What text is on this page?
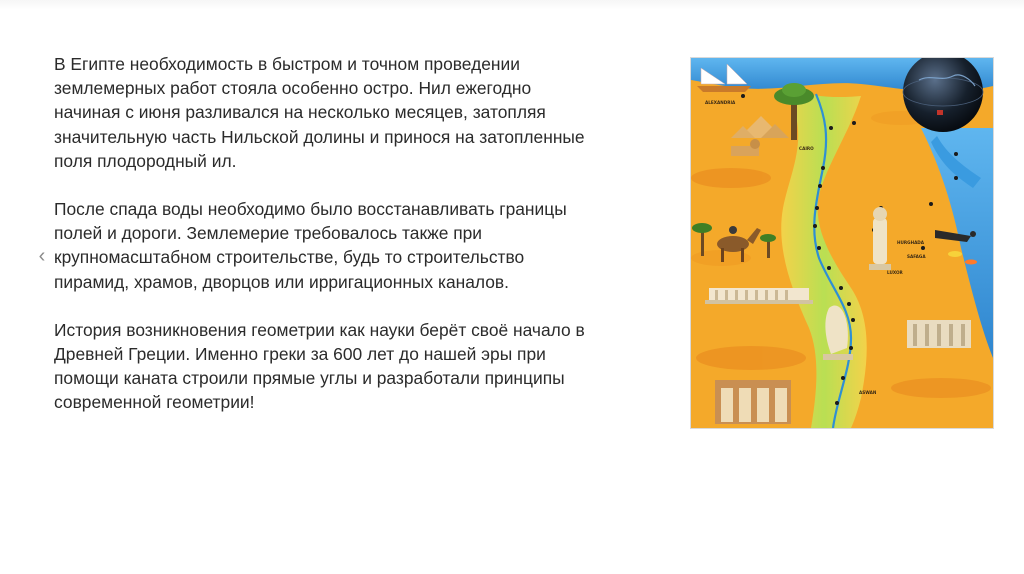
‹

В Египте необходимость в быстром и точном проведении
землемерных работ стояла особенно остро. Нил ежегодно
начиная с июня разливался на несколько месяцев, затопляя
значительную часть Нильской долины и принося на затопленные
поля плодородный ил.

После спада воды необходимо было восстанавливать границы
полей и дороги. Землемерие требовалось также при
крупномасштабном строительстве, будь то строительство
пирамид, храмов, дворцов или ирригационных каналов.

История возникновения геометрии как науки берёт своё начало в
Древней Греции. Именно греки за 600 лет до нашей эры при
помощи каната строили прямые углы и разработали принципы
современной геометрии!

ALEXANDRIA
CAIRO
LUXOR
HURGHADA
SAFAGA
ASWAN
